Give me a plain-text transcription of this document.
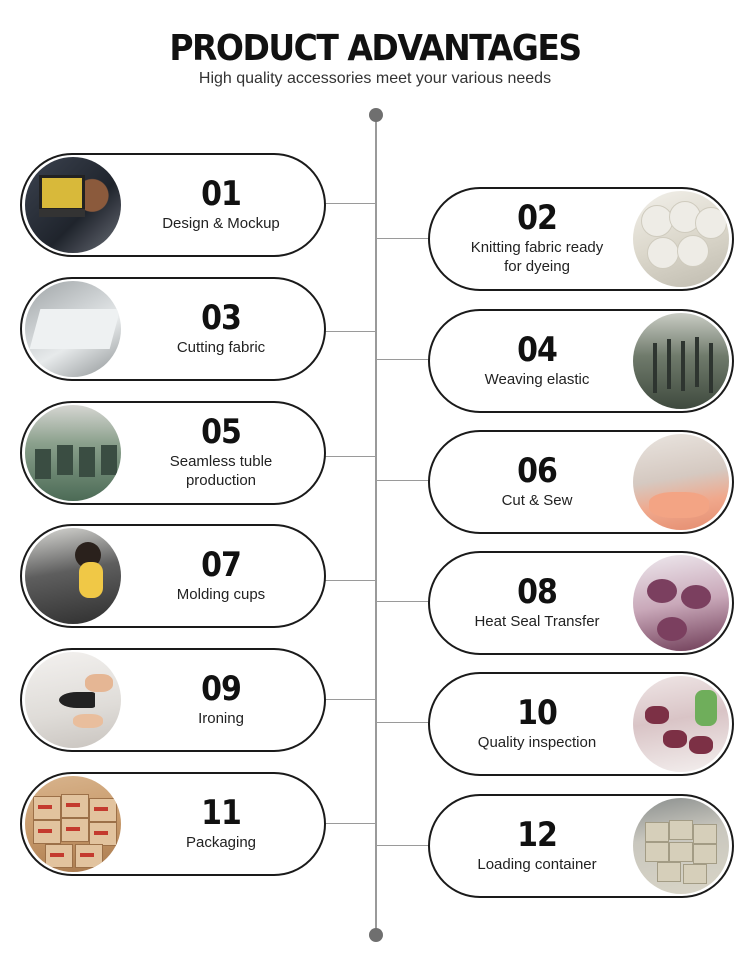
PRODUCT ADVANTAGES
High quality accessories meet your various needs
01
Design & Mockup	02
Knitting fabric ready
for dyeing
03
Cutting fabric	04
Weaving elastic
05
Seamless tuble
production	06
Cut & Sew
07
Molding cups	08
Heat Seal Transfer
09
Ironing	10
Quality inspection
11
Packaging	12
Loading container
